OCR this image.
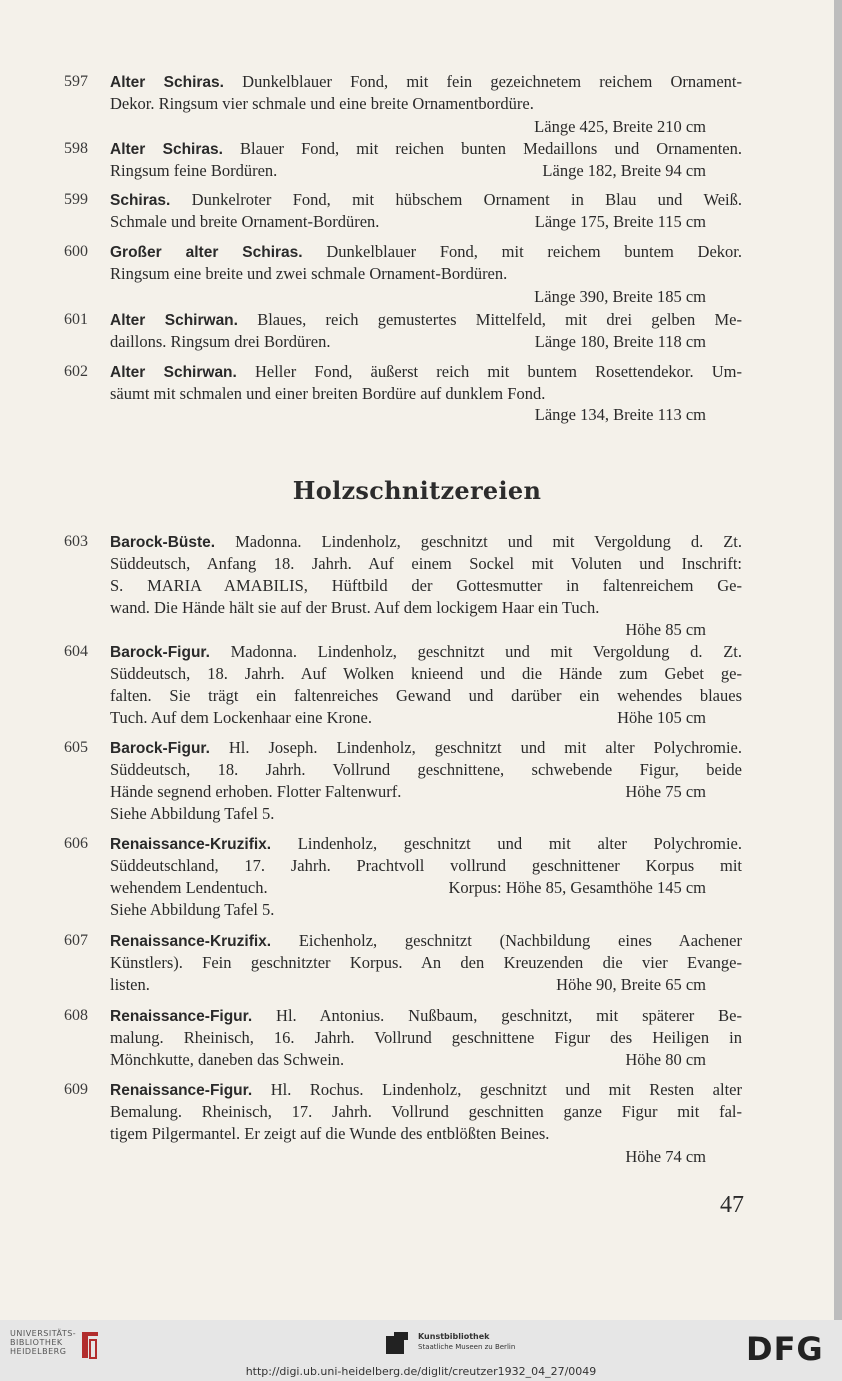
597	Alter Schiras. Dunkelblauer Fond, mit fein gezeichnetem reichem Ornament-
Dekor. Ringsum vier schmale und eine breite Ornamentbordüre.
Länge 425, Breite 210 cm
598	Alter Schiras. Blauer Fond, mit reichen bunten Medaillons und Ornamenten.
Ringsum feine Bordüren.	Länge 182, Breite 94 cm
599	Schiras. Dunkelroter Fond, mit hübschem Ornament in Blau und Weiß.
Schmale und breite Ornament-Bordüren.	Länge 175, Breite 115 cm
600	Großer alter Schiras. Dunkelblauer Fond, mit reichem buntem Dekor.
Ringsum eine breite und zwei schmale Ornament-Bordüren.
Länge 390, Breite 185 cm
601	Alter Schirwan. Blaues, reich gemustertes Mittelfeld, mit drei gelben Me-
daillons. Ringsum drei Bordüren.	Länge 180, Breite 118 cm
602	Alter Schirwan. Heller Fond, äußerst reich mit buntem Rosettendekor. Um-
säumt mit schmalen und einer breiten Bordüre auf dunklem Fond.
Länge 134, Breite 113 cm
Holzschnitzereien
603	Barock-Büste. Madonna. Lindenholz, geschnitzt und mit Vergoldung d. Zt.
Süddeutsch, Anfang 18. Jahrh. Auf einem Sockel mit Voluten und Inschrift:
S. MARIA AMABILIS, Hüftbild der Gottesmutter in faltenreichem Ge-
wand. Die Hände hält sie auf der Brust. Auf dem lockigem Haar ein Tuch.
Höhe 85 cm
604	Barock-Figur. Madonna. Lindenholz, geschnitzt und mit Vergoldung d. Zt.
Süddeutsch, 18. Jahrh. Auf Wolken knieend und die Hände zum Gebet ge-
falten. Sie trägt ein faltenreiches Gewand und darüber ein wehendes blaues
Tuch. Auf dem Lockenhaar eine Krone.	Höhe 105 cm
605	Barock-Figur. Hl. Joseph. Lindenholz, geschnitzt und mit alter Polychromie.
Süddeutsch, 18. Jahrh. Vollrund geschnittene, schwebende Figur, beide
Hände segnend erhoben. Flotter Faltenwurf.	Höhe 75 cm
Siehe Abbildung Tafel 5.
606	Renaissance-Kruzifix. Lindenholz, geschnitzt und mit alter Polychromie.
Süddeutschland, 17. Jahrh. Prachtvoll vollrund geschnittener Korpus mit
wehendem Lendentuch.	Korpus: Höhe 85, Gesamthöhe 145 cm
Siehe Abbildung Tafel 5.
607	Renaissance-Kruzifix. Eichenholz, geschnitzt (Nachbildung eines Aachener
Künstlers). Fein geschnitzter Korpus. An den Kreuzenden die vier Evange-
listen.	Höhe 90, Breite 65 cm
608	Renaissance-Figur. Hl. Antonius. Nußbaum, geschnitzt, mit späterer Be-
malung. Rheinisch, 16. Jahrh. Vollrund geschnittene Figur des Heiligen in
Mönchkutte, daneben das Schwein.	Höhe 80 cm
609	Renaissance-Figur. Hl. Rochus. Lindenholz, geschnitzt und mit Resten alter
Bemalung. Rheinisch, 17. Jahrh. Vollrund geschnitten ganze Figur mit fal-
tigem Pilgermantel. Er zeigt auf die Wunde des entblößten Beines.
Höhe 74 cm
47
UNIVERSITÄTS-
BIBLIOTHEK
HEIDELBERG
Kunstbibliothek
Staatliche Museen zu Berlin	DFG
http://digi.ub.uni-heidelberg.de/diglit/creutzer1932_04_27/0049
